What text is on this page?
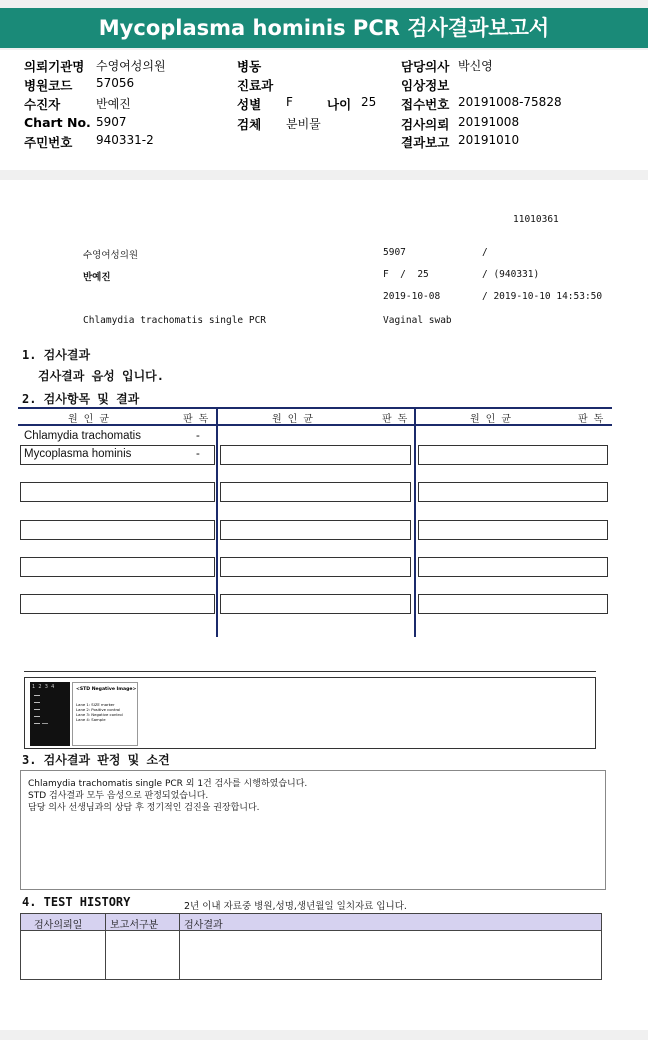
Mycoplasma hominis PCR 검사결과보고서
의뢰기관명 수영여성의원
병원코드 57056
수진자	반예진
Chart No. 5907
주민번호 940331-2
병동
진료과
성별 F	나이 25
검체 분비물
담당의사 박신영
임상정보
접수번호 20191008-75828
검사의뢰 20191008
결과보고 20191010
11010361
수영여성의원	5907	/
반예진	F  /  25	/ (940331)
2019-10-08	/ 2019-10-10 14:53:50
Chlamydia trachomatis single PCR	Vaginal swab
1. 검사결과
검사결과 음성 입니다.
2. 검사항목 및 결과
원 인 균	판 독	원 인 균	판 독	원 인 균	판 독
Chlamydia trachomatis	-
Mycoplasma hominis	-
1  2  3  4	<STD Negative Image>
Lane 1: SIZE marker
Lane 2: Positive control
Lane 3: Negative control
Lane 4: Sample
3. 검사결과 판정 및 소견
Chlamydia trachomatis single PCR 외 1건 검사를 시행하였습니다.
STD 검사결과 모두 음성으로 판정되었습니다.
담당 의사 선생님과의 상담 후 정기적인 검진을 권장합니다.
4. TEST HISTORY	2년 이내 자료중 병원,성명,생년월일 일치자료 입니다.
검사의뢰일	보고서구분	검사결과
